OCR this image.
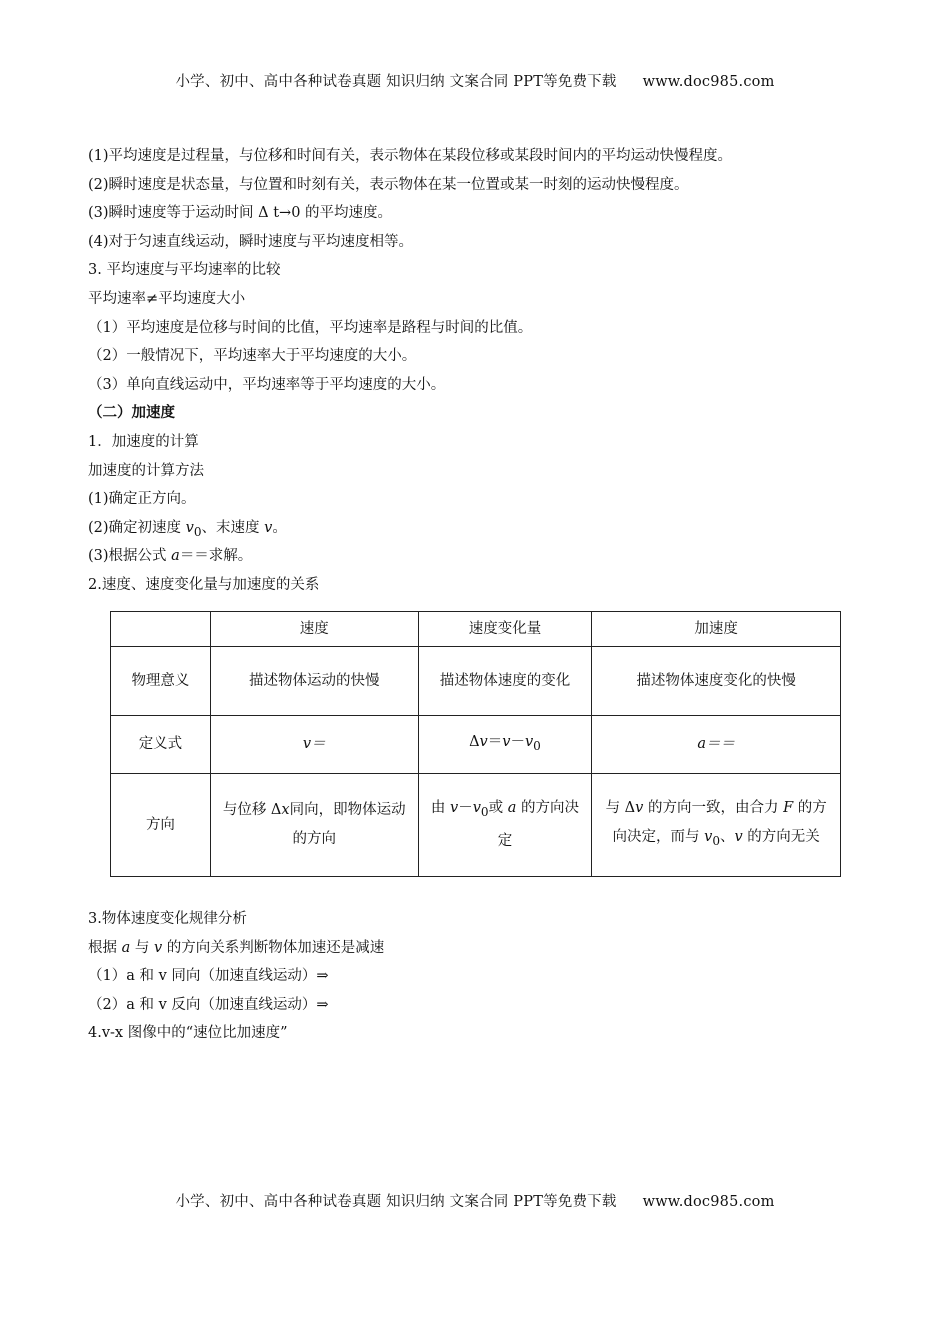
小学、初中、高中各种试卷真题 知识归纳 文案合同 PPT等免费下载 www.doc985.com
(1)平均速度是过程量，与位移和时间有关，表示物体在某段位移或某段时间内的平均运动快慢程度。
(2)瞬时速度是状态量，与位置和时刻有关，表示物体在某一位置或某一时刻的运动快慢程度。
(3)瞬时速度等于运动时间 Δ t→0 的平均速度。
(4)对于匀速直线运动，瞬时速度与平均速度相等。
3. 平均速度与平均速率的比较
平均速率≠平均速度大小
（1）平均速度是位移与时间的比值，平均速率是路程与时间的比值。
（2）一般情况下，平均速率大于平均速度的大小。
（3）单向直线运动中，平均速率等于平均速度的大小。
（二）加速度
1．加速度的计算
加速度的计算方法
(1)确定正方向。
(2)确定初速度 $v_0$、末速度 v。
(3)根据公式 a＝＝求解。
2.速度、速度变化量与加速度的关系
	速度	速度变化量	加速度
物理意义	描述物体运动的快慢	描述物体速度的变化	描述物体速度变化的快慢
定义式	v＝	$\Delta v=v-v_0$	a＝＝
方向	与位移 Δx同向，即物体运动的方向	由 $v-v_0$或 a 的方向决定	与 Δv 的方向一致，由合力 F 的方向决定，而与 $v_0$、v 的方向无关
3.物体速度变化规律分析
根据 a 与 v 的方向关系判断物体加速还是减速
（1）a 和 v 同向（加速直线运动）⇒
（2）a 和 v 反向（加速直线运动）⇒
4.v-x 图像中的“速位比加速度”
小学、初中、高中各种试卷真题 知识归纳 文案合同 PPT等免费下载 www.doc985.com
